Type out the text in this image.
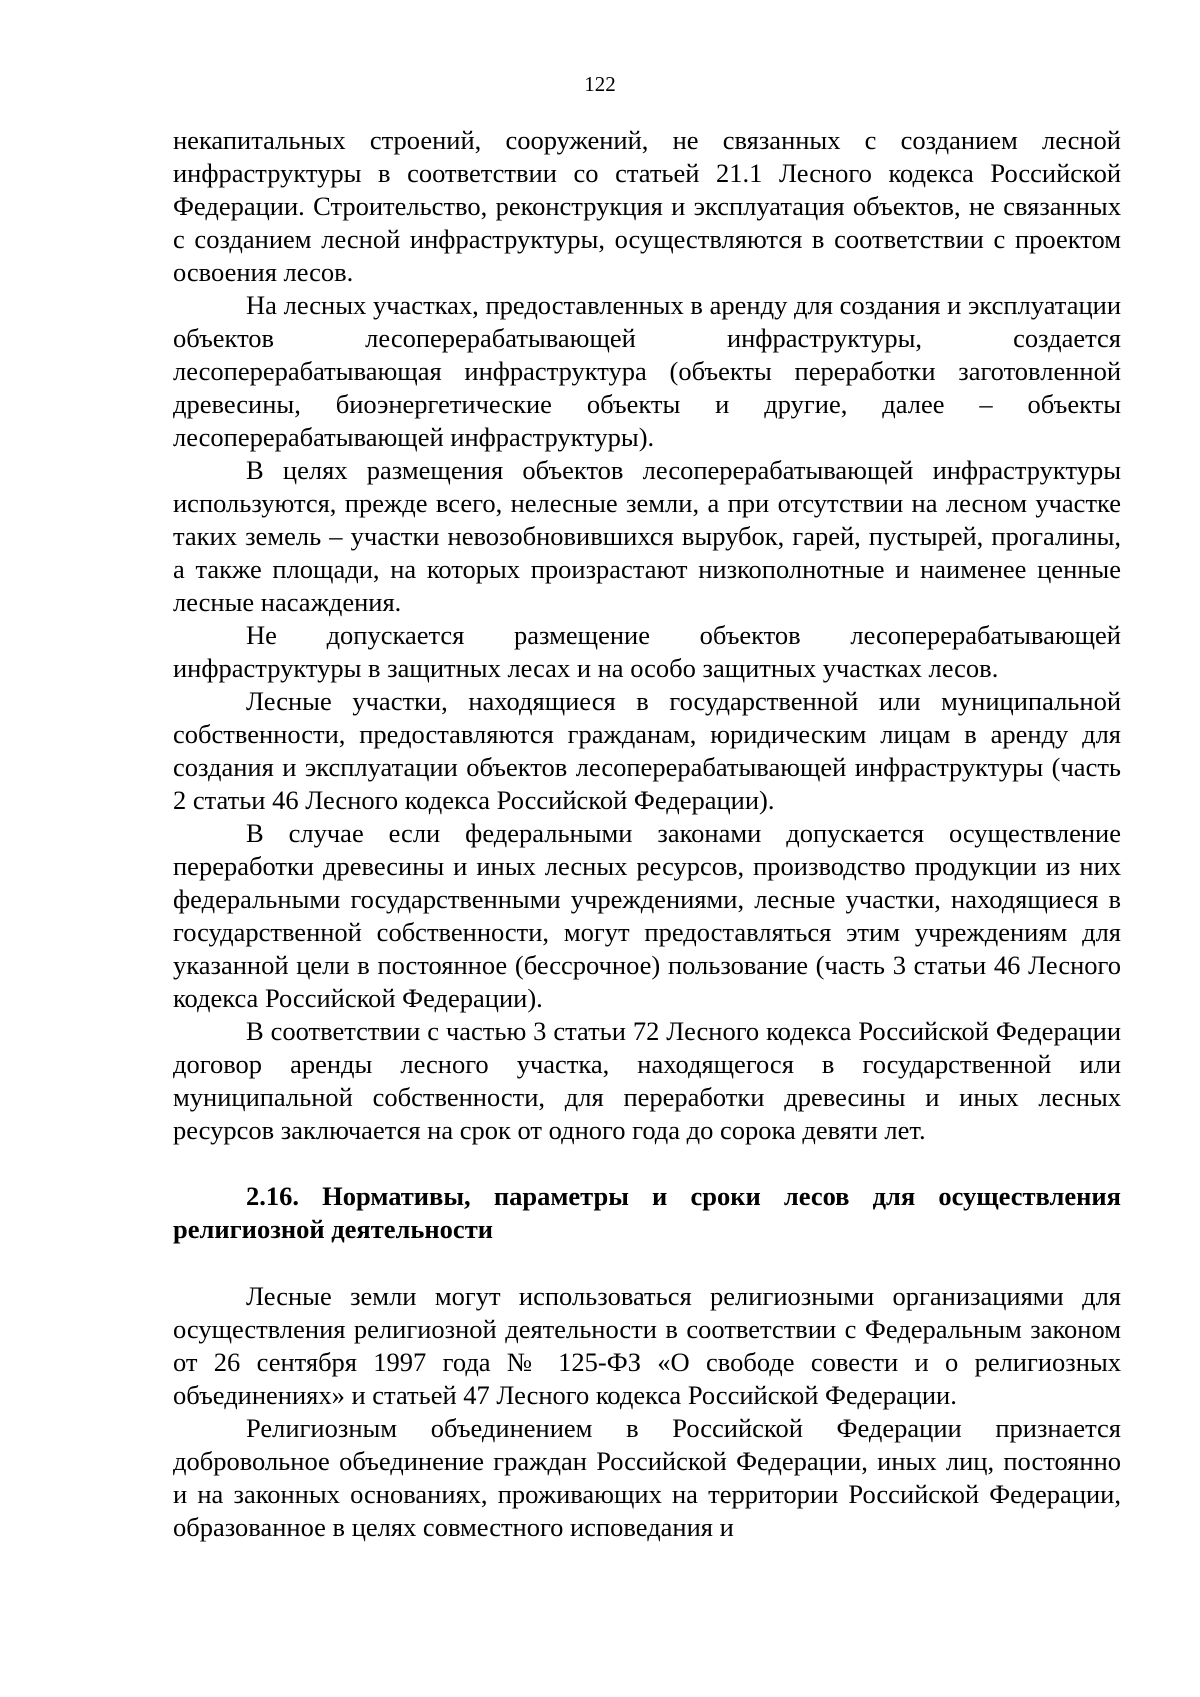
122

некапитальных строений, сооружений, не связанных с созданием лесной инфраструктуры в соответствии со статьей 21.1 Лесного кодекса Российской Федерации. Строительство, реконструкция и эксплуатация объектов, не связанных с созданием лесной инфраструктуры, осуществляются в соответствии с проектом освоения лесов.

На лесных участках, предоставленных в аренду для создания и эксплуатации объектов лесоперерабатывающей инфраструктуры, создается лесоперерабатывающая инфраструктура (объекты переработки заготовленной древесины, биоэнергетические объекты и другие, далее – объекты лесоперерабатывающей инфраструктуры).

В целях размещения объектов лесоперерабатывающей инфраструктуры используются, прежде всего, нелесные земли, а при отсутствии на лесном участке таких земель – участки невозобновившихся вырубок, гарей, пустырей, прогалины, а также площади, на которых произрастают низкополнотные и наименее ценные лесные насаждения.

Не допускается размещение объектов лесоперерабатывающей инфраструктуры в защитных лесах и на особо защитных участках лесов.

Лесные участки, находящиеся в государственной или муниципальной собственности, предоставляются гражданам, юридическим лицам в аренду для создания и эксплуатации объектов лесоперерабатывающей инфраструктуры (часть 2 статьи 46 Лесного кодекса Российской Федерации).

В случае если федеральными законами допускается осуществление переработки древесины и иных лесных ресурсов, производство продукции из них федеральными государственными учреждениями, лесные участки, находящиеся в государственной собственности, могут предоставляться этим учреждениям для указанной цели в постоянное (бессрочное) пользование (часть 3 статьи 46 Лесного кодекса Российской Федерации).

В соответствии с частью 3 статьи 72 Лесного кодекса Российской Федерации договор аренды лесного участка, находящегося в государственной или муниципальной собственности, для переработки древесины и иных лесных ресурсов заключается на срок от одного года до сорока девяти лет.

2.16. Нормативы, параметры и сроки лесов для осуществления религиозной деятельности

Лесные земли могут использоваться религиозными организациями для осуществления религиозной деятельности в соответствии с Федеральным законом от 26 сентября 1997 года № 125-ФЗ «О свободе совести и о религиозных объединениях» и статьей 47 Лесного кодекса Российской Федерации.

Религиозным объединением в Российской Федерации признается добровольное объединение граждан Российской Федерации, иных лиц, постоянно и на законных основаниях, проживающих на территории Российской Федерации, образованное в целях совместного исповедания и
